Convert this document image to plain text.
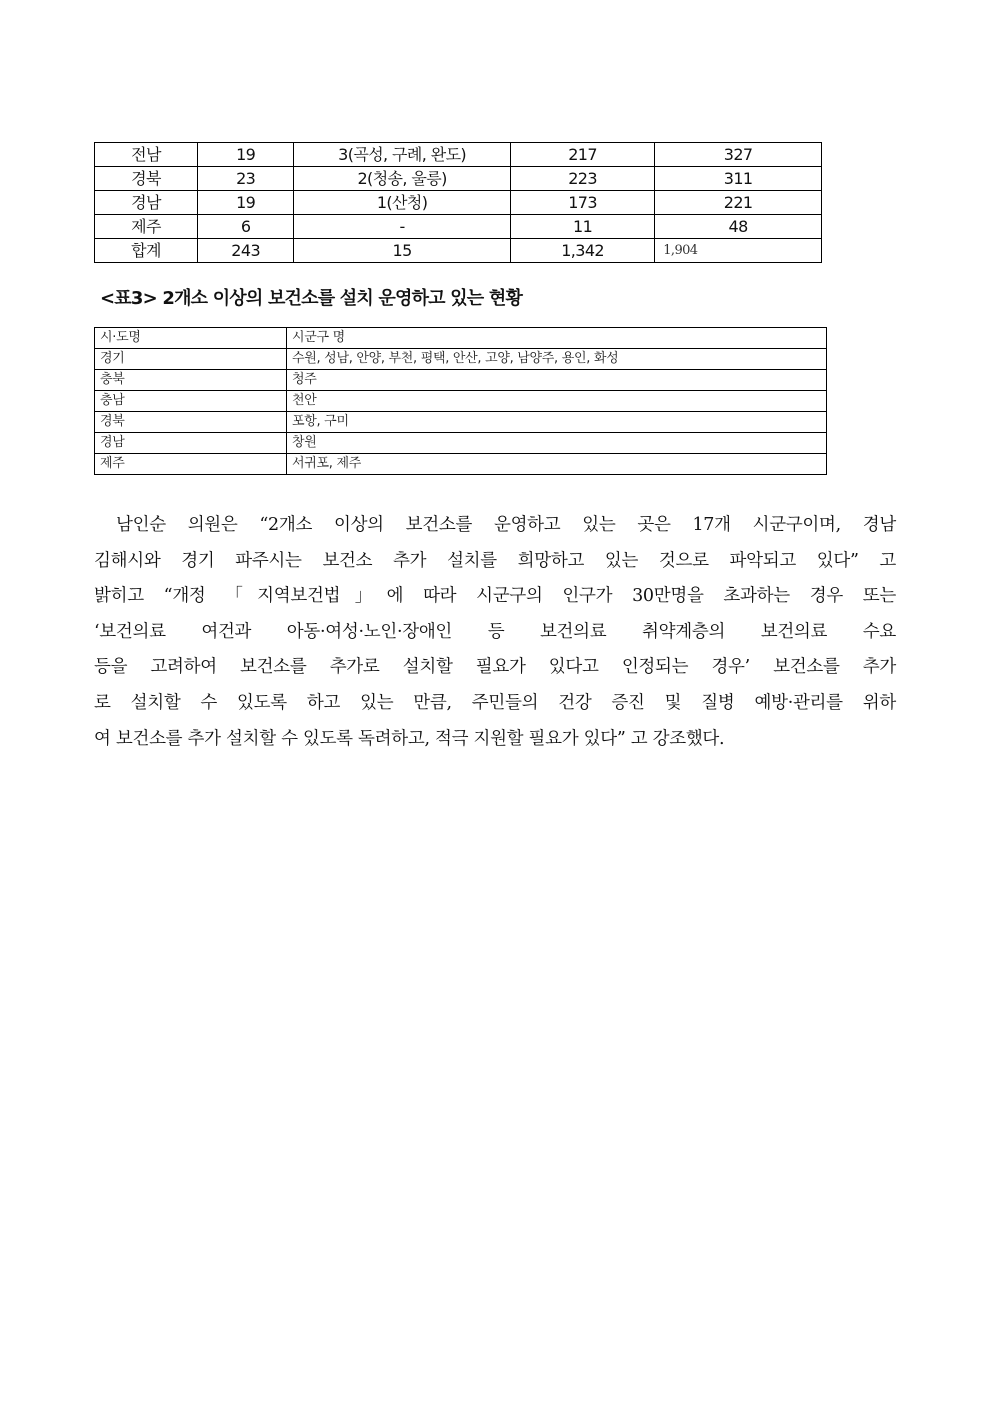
전남	19	3(곡성, 구례, 완도)	217	327
경북	23	2(청송, 울릉)	223	311
경남	19	1(산청)	173	221
제주	6	-	11	48
합계	243	15	1,342	1,904
<표3> 2개소 이상의 보건소를 설치 운영하고 있는 현황
시·도명	시군구 명
경기	수원, 성남, 안양, 부천, 평택, 안산, 고양, 남양주, 용인, 화성
충북	청주
충남	천안
경북	포항, 구미
경남	창원
제주	서귀포, 제주
남인순 의원은 “2개소 이상의 보건소를 운영하고 있는 곳은 17개 시군구이며, 경남
김해시와 경기 파주시는 보건소 추가 설치를 희망하고 있는 것으로 파악되고 있다” 고
밝히고 “개정 「지역보건법」에 따라 시군구의 인구가 30만명을 초과하는 경우 또는
‘보건의료 여건과 아동·여성·노인·장애인 등 보건의료 취약계층의 보건의료 수요
등을 고려하여 보건소를 추가로 설치할 필요가 있다고 인정되는 경우’ 보건소를 추가
로 설치할 수 있도록 하고 있는 만큼, 주민들의 건강 증진 및 질병 예방·관리를 위하
여 보건소를 추가 설치할 수 있도록 독려하고, 적극 지원할 필요가 있다” 고 강조했다.
